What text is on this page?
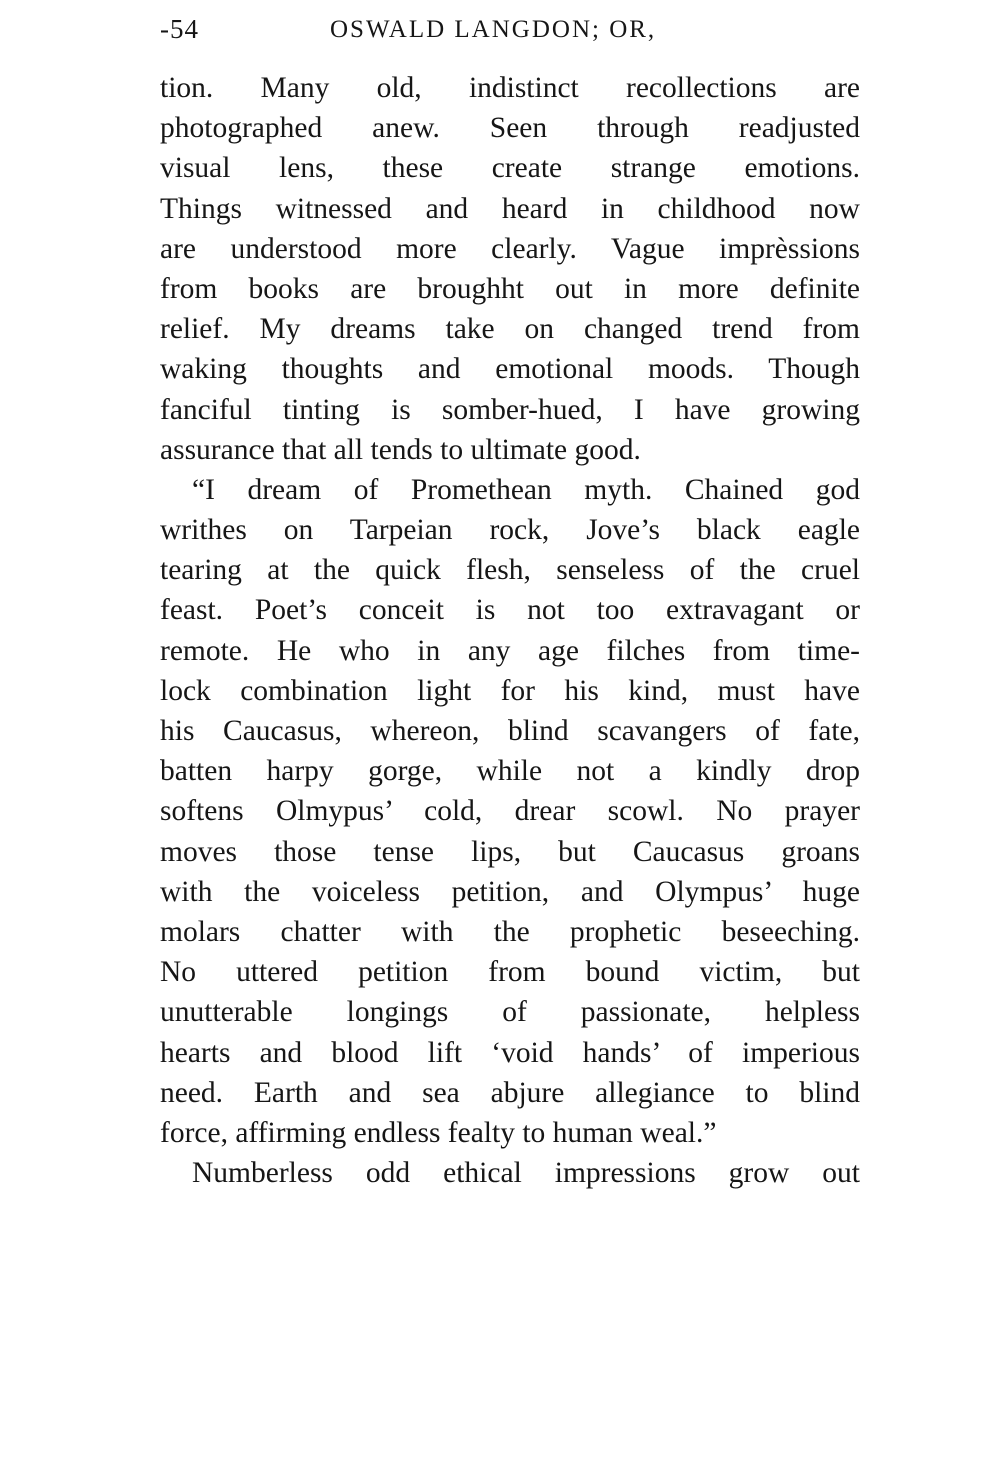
-54	OSWALD LANGDON; OR,
tion. Many old, indistinct recollections are
photographed anew. Seen through readjusted
visual lens, these create strange emotions.
Things witnessed and heard in childhood now
are understood more clearly. Vague imprèssions
from books are broughht out in more definite
relief. My dreams take on changed trend from
waking thoughts and emotional moods. Though
fanciful tinting is somber-hued, I have growing
assurance that all tends to ultimate good.
“I dream of Promethean myth. Chained god
writhes on Tarpeian rock, Jove’s black eagle
tearing at the quick flesh, senseless of the cruel
feast. Poet’s conceit is not too extravagant or
remote. He who in any age filches from time-
lock combination light for his kind, must have
his Caucasus, whereon, blind scavangers of fate,
batten harpy gorge, while not a kindly drop
softens Olmypus’ cold, drear scowl. No prayer
moves those tense lips, but Caucasus groans
with the voiceless petition, and Olympus’ huge
molars chatter with the prophetic beseeching.
No uttered petition from bound victim, but
unutterable longings of passionate, helpless
hearts and blood lift ‘void hands’ of imperious
need. Earth and sea abjure allegiance to blind
force, affirming endless fealty to human weal.”
Numberless odd ethical impressions grow out
